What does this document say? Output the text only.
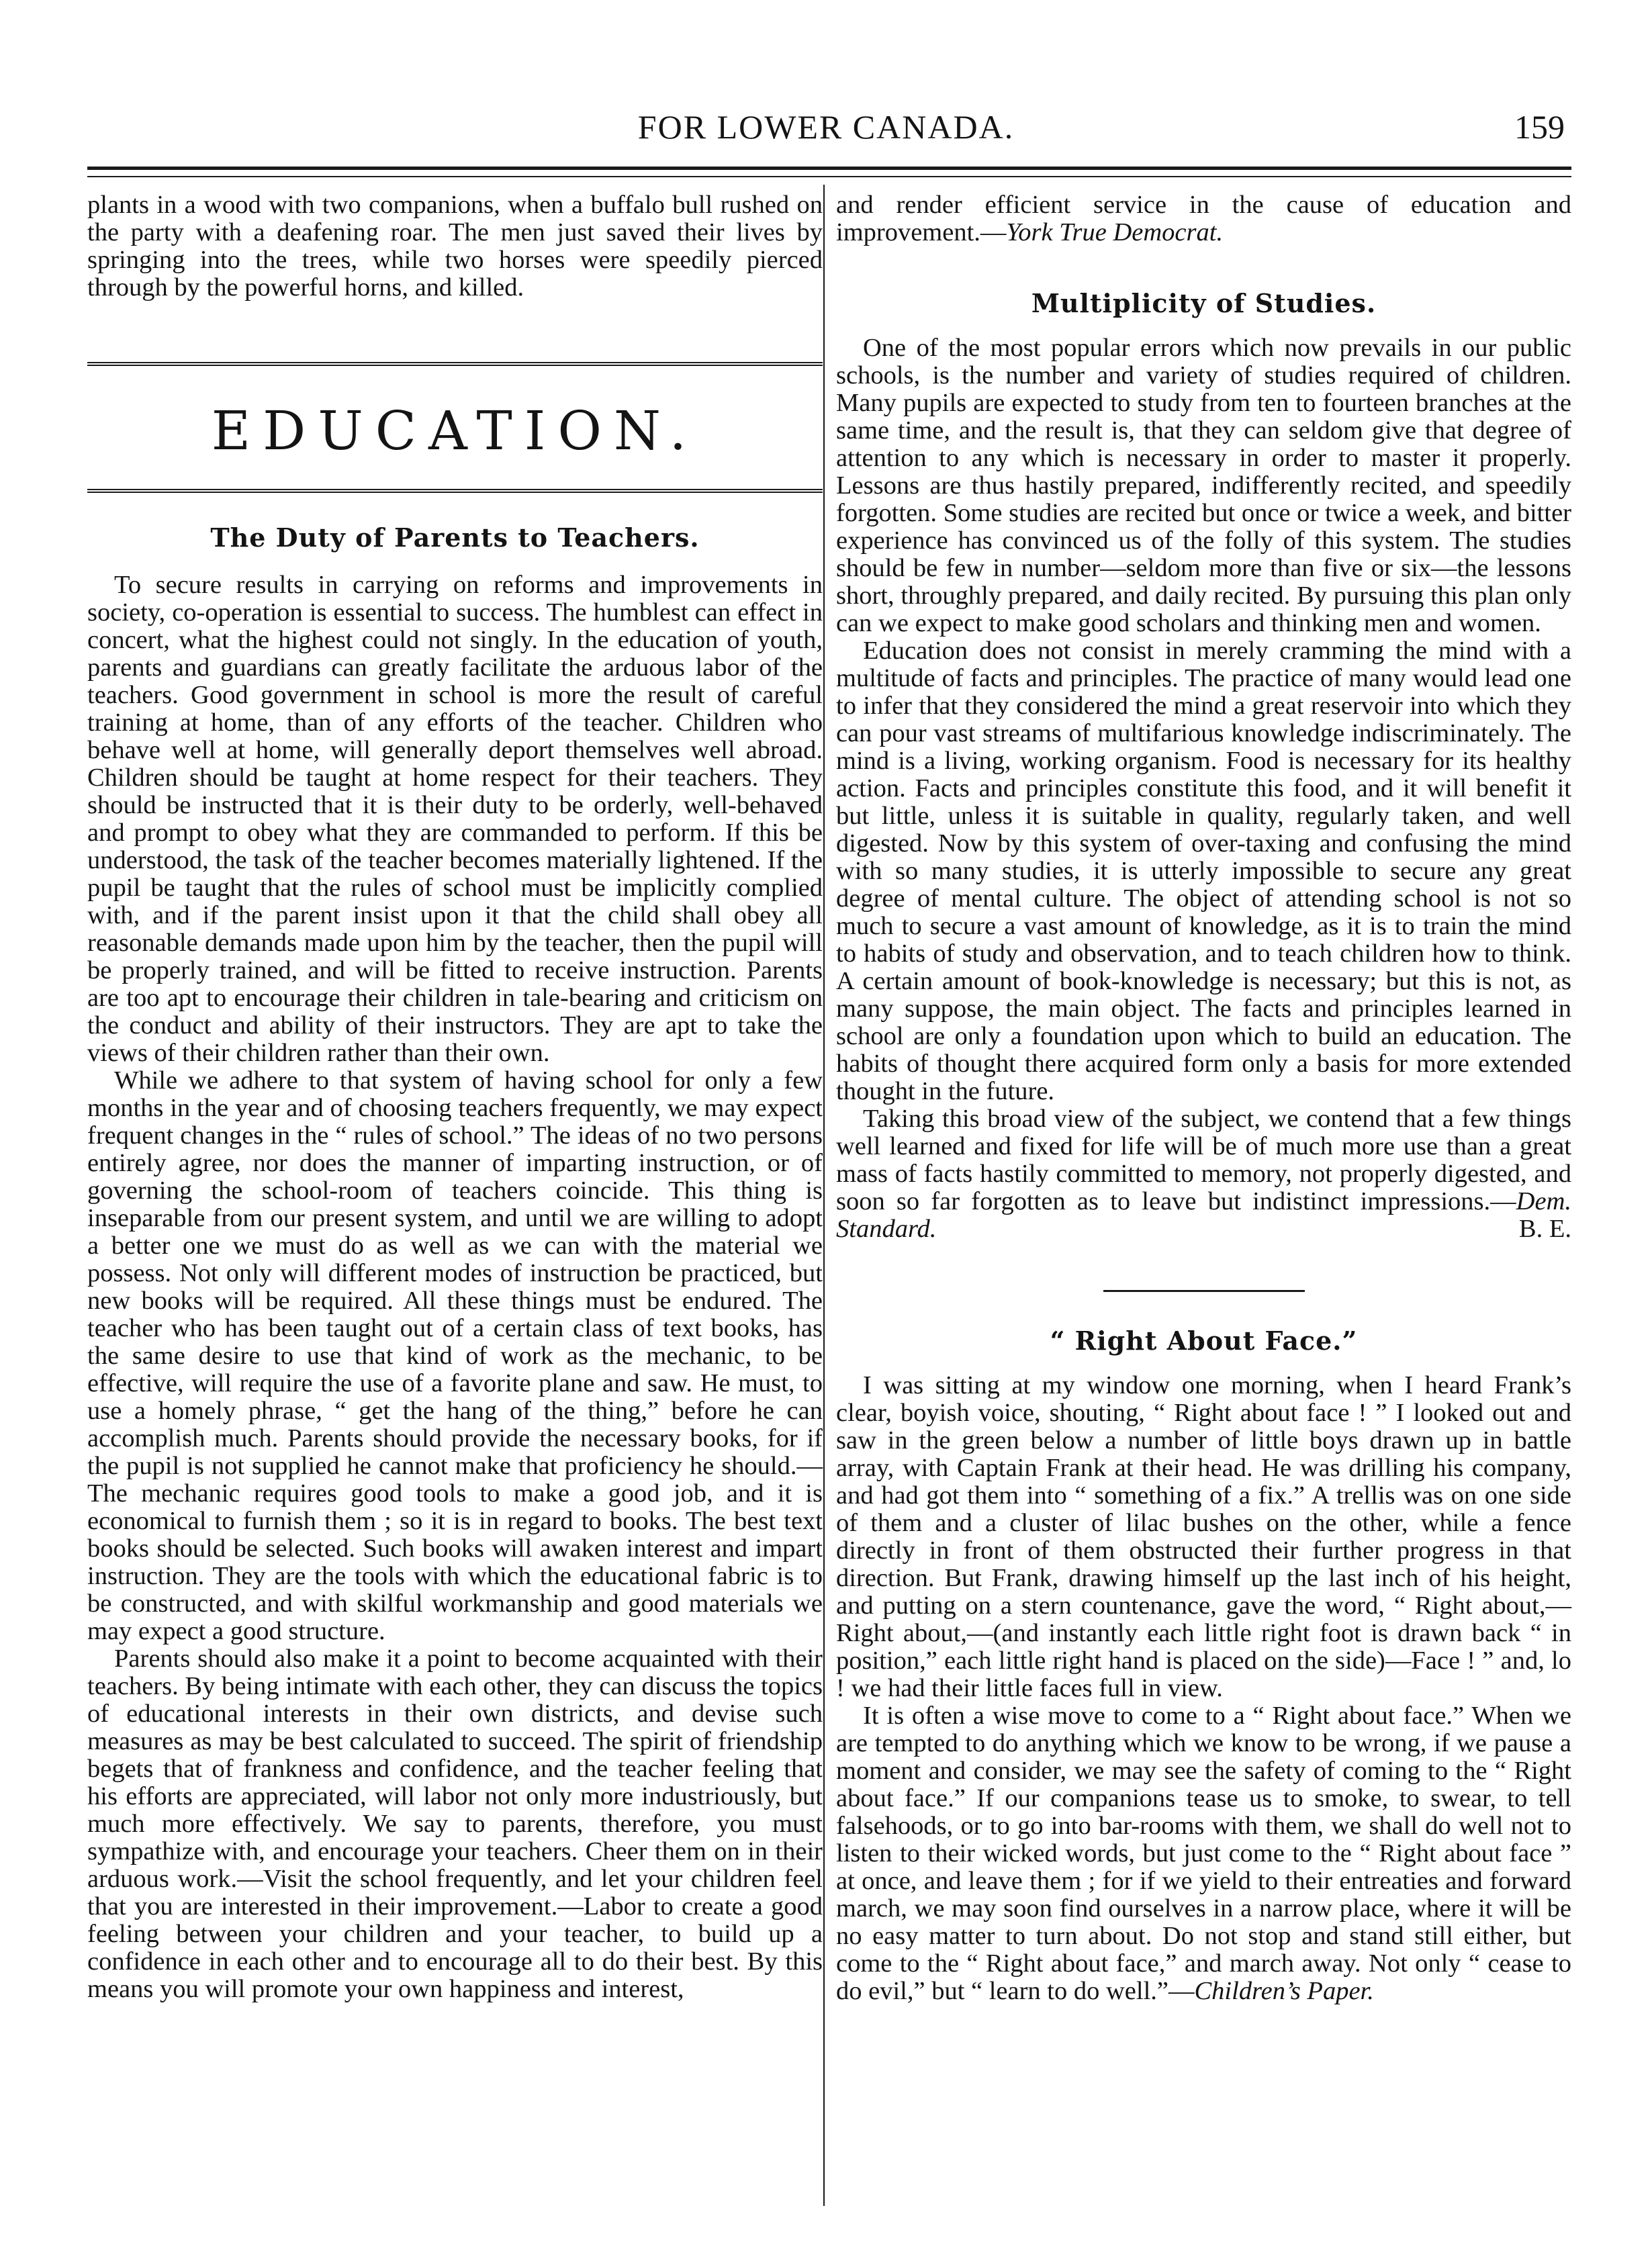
FOR LOWER CANADA.	159

plants in a wood with two companions, when a buffalo bull rushed on the party with a deafening roar. The men just saved their lives by springing into the trees, while two horses were speedily pierced through by the powerful horns, and killed.

EDUCATION.
The Duty of Parents to Teachers.

To secure results in carrying on reforms and improvements in society, co-operation is essential to success. The humblest can effect in concert, what the highest could not singly. In the education of youth, parents and guardians can greatly facilitate the arduous labor of the teachers. Good government in school is more the result of careful training at home, than of any efforts of the teacher. Children who behave well at home, will generally deport themselves well abroad. Children should be taught at home respect for their teachers. They should be instructed that it is their duty to be orderly, well-behaved and prompt to obey what they are commanded to perform. If this be understood, the task of the teacher becomes materially lightened. If the pupil be taught that the rules of school must be implicitly complied with, and if the parent insist upon it that the child shall obey all reasonable demands made upon him by the teacher, then the pupil will be properly trained, and will be fitted to receive instruction. Parents are too apt to encourage their children in tale-bearing and criticism on the conduct and ability of their instructors. They are apt to take the views of their children rather than their own.

While we adhere to that system of having school for only a few months in the year and of choosing teachers frequently, we may expect frequent changes in the “ rules of school.” The ideas of no two persons entirely agree, nor does the manner of imparting instruction, or of governing the school-room of teachers coincide. This thing is inseparable from our present system, and until we are willing to adopt a better one we must do as well as we can with the material we possess. Not only will different modes of instruction be practiced, but new books will be required. All these things must be endured. The teacher who has been taught out of a certain class of text books, has the same desire to use that kind of work as the mechanic, to be effective, will require the use of a favorite plane and saw. He must, to use a homely phrase, “ get the hang of the thing,” before he can accomplish much. Parents should provide the necessary books, for if the pupil is not supplied he cannot make that proficiency he should.—The mechanic requires good tools to make a good job, and it is economical to furnish them ; so it is in regard to books. The best text books should be selected. Such books will awaken interest and impart instruction. They are the tools with which the educational fabric is to be constructed, and with skilful workmanship and good materials we may expect a good structure.

Parents should also make it a point to become acquainted with their teachers. By being intimate with each other, they can discuss the topics of educational interests in their own districts, and devise such measures as may be best calculated to succeed. The spirit of friendship begets that of frankness and confidence, and the teacher feeling that his efforts are appreciated, will labor not only more industriously, but much more effectively. We say to parents, therefore, you must sympathize with, and encourage your teachers. Cheer them on in their arduous work.—Visit the school frequently, and let your children feel that you are interested in their improvement.—Labor to create a good feeling between your children and your teacher, to build up a confidence in each other and to encourage all to do their best. By this means you will promote your own happiness and interest,

and render efficient service in the cause of education and improvement.—York True Democrat.

Multiplicity of Studies.

One of the most popular errors which now prevails in our public schools, is the number and variety of studies required of children. Many pupils are expected to study from ten to fourteen branches at the same time, and the result is, that they can seldom give that degree of attention to any which is necessary in order to master it properly. Lessons are thus hastily prepared, indifferently recited, and speedily forgotten. Some studies are recited but once or twice a week, and bitter experience has convinced us of the folly of this system. The studies should be few in number—seldom more than five or six—the lessons short, throughly prepared, and daily recited. By pursuing this plan only can we expect to make good scholars and thinking men and women.

Education does not consist in merely cramming the mind with a multitude of facts and principles. The practice of many would lead one to infer that they considered the mind a great reservoir into which they can pour vast streams of multifarious knowledge indiscriminately. The mind is a living, working organism. Food is necessary for its healthy action. Facts and principles constitute this food, and it will benefit it but little, unless it is suitable in quality, regularly taken, and well digested. Now by this system of over-taxing and confusing the mind with so many studies, it is utterly impossible to secure any great degree of mental culture. The object of attending school is not so much to secure a vast amount of knowledge, as it is to train the mind to habits of study and observation, and to teach children how to think. A certain amount of book-knowledge is necessary; but this is not, as many suppose, the main object. The facts and principles learned in school are only a foundation upon which to build an education. The habits of thought there acquired form only a basis for more extended thought in the future.

Taking this broad view of the subject, we contend that a few things well learned and fixed for life will be of much more use than a great mass of facts hastily committed to memory, not properly digested, and soon so far forgotten as to leave but indistinct impressions.—Dem. Standard.	B. E.

“ Right About Face.”

I was sitting at my window one morning, when I heard Frank’s clear, boyish voice, shouting, “ Right about face ! ” I looked out and saw in the green below a number of little boys drawn up in battle array, with Captain Frank at their head. He was drilling his company, and had got them into “ something of a fix.” A trellis was on one side of them and a cluster of lilac bushes on the other, while a fence directly in front of them obstructed their further progress in that direction. But Frank, drawing himself up the last inch of his height, and putting on a stern countenance, gave the word, “ Right about,—Right about,—(and instantly each little right foot is drawn back “ in position,” each little right hand is placed on the side)—Face ! ” and, lo ! we had their little faces full in view.

It is often a wise move to come to a “ Right about face.” When we are tempted to do anything which we know to be wrong, if we pause a moment and consider, we may see the safety of coming to the “ Right about face.” If our companions tease us to smoke, to swear, to tell falsehoods, or to go into bar-rooms with them, we shall do well not to listen to their wicked words, but just come to the “ Right about face ” at once, and leave them ; for if we yield to their entreaties and forward march, we may soon find ourselves in a narrow place, where it will be no easy matter to turn about. Do not stop and stand still either, but come to the “ Right about face,” and march away. Not only “ cease to do evil,” but “ learn to do well.”—Children’s Paper.
